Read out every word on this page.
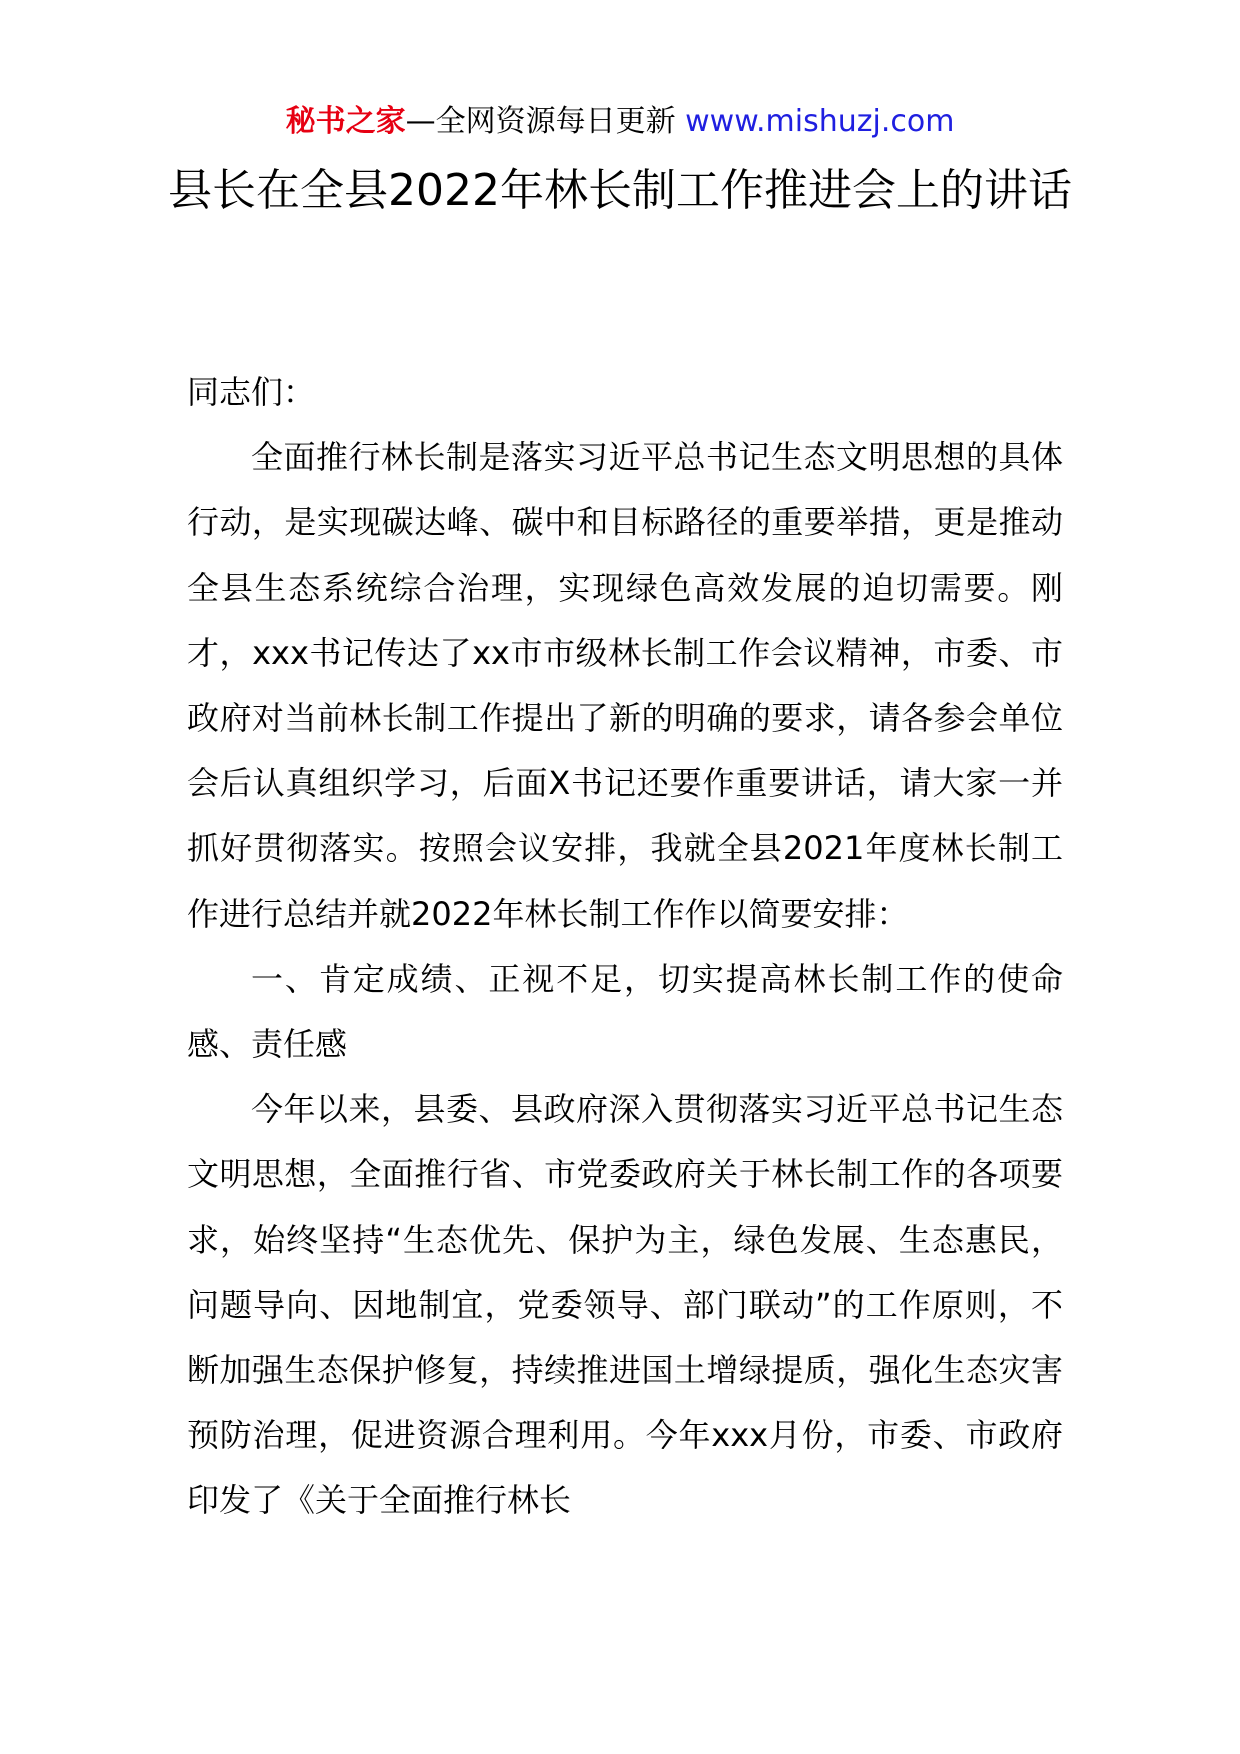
秘书之家—全网资源每日更新 www.mishuzj.com
县长在全县2022年林长制工作推进会上的讲话

同志们：

全面推行林长制是落实习近平总书记生态文明思想的具体行动，是实现碳达峰、碳中和目标路径的重要举措，更是推动全县生态系统综合治理，实现绿色高效发展的迫切需要。刚才，xxx书记传达了xx市市级林长制工作会议精神，市委、市政府对当前林长制工作提出了新的明确的要求，请各参会单位会后认真组织学习，后面X书记还要作重要讲话，请大家一并抓好贯彻落实。按照会议安排，我就全县2021年度林长制工作进行总结并就2022年林长制工作作以简要安排：

一、肯定成绩、正视不足，切实提高林长制工作的使命感、责任感

今年以来，县委、县政府深入贯彻落实习近平总书记生态文明思想，全面推行省、市党委政府关于林长制工作的各项要求，始终坚持“生态优先、保护为主，绿色发展、生态惠民，问题导向、因地制宜，党委领导、部门联动”的工作原则，不断加强生态保护修复，持续推进国土增绿提质，强化生态灾害预防治理，促进资源合理利用。今年xxx月份，市委、市政府印发了《关于全面推行林长
